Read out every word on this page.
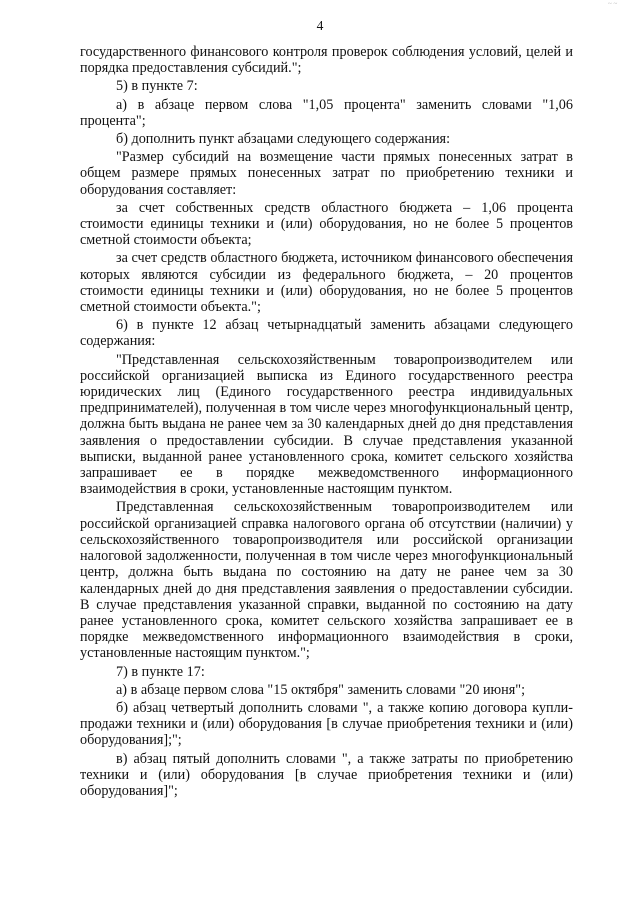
~ ~
4

государственного финансового контроля проверок соблюдения условий, целей и порядка предоставления субсидий.";

5) в пункте 7:

а) в абзаце первом слова "1,05 процента" заменить словами "1,06 процента";

б) дополнить пункт абзацами следующего содержания:

"Размер субсидий на возмещение части прямых понесенных затрат в общем размере прямых понесенных затрат по приобретению техники и оборудования составляет:

за счет собственных средств областного бюджета – 1,06 процента стоимости единицы техники и (или) оборудования, но не более 5 процентов сметной стоимости объекта;

за счет средств областного бюджета, источником финансового обеспечения которых являются субсидии из федерального бюджета, – 20 процентов стоимости единицы техники и (или) оборудования, но не более 5 процентов сметной стоимости объекта.";

6) в пункте 12 абзац четырнадцатый заменить абзацами следующего содержания:

"Представленная сельскохозяйственным товаропроизводителем или российской организацией выписка из Единого государственного реестра юридических лиц (Единого государственного реестра индивидуальных предпринимателей), полученная в том числе через многофункциональный центр, должна быть выдана не ранее чем за 30 календарных дней до дня представления заявления о предоставлении субсидии. В случае представления указанной выписки, выданной ранее установленного срока, комитет сельского хозяйства запрашивает ее в порядке межведомственного информационного взаимодействия в сроки, установленные настоящим пунктом.

Представленная сельскохозяйственным товаропроизводителем или российской организацией справка налогового органа об отсутствии (наличии) у сельскохозяйственного товаропроизводителя или российской организации налоговой задолженности, полученная в том числе через многофункциональный центр, должна быть выдана по состоянию на дату не ранее чем за 30 календарных дней до дня представления заявления о предоставлении субсидии. В случае представления указанной справки, выданной по состоянию на дату ранее установленного срока, комитет сельского хозяйства запрашивает ее в порядке межведомственного информационного взаимодействия в сроки, установленные настоящим пунктом.";

7) в пункте 17:

а) в абзаце первом слова "15 октября" заменить словами "20 июня";

б) абзац четвертый дополнить словами ", а также копию договора купли-продажи техники и (или) оборудования [в случае приобретения техники и (или) оборудования];";

в) абзац пятый дополнить словами ", а также затраты по приобретению техники и (или) оборудования [в случае приобретения техники и (или) оборудования]";
